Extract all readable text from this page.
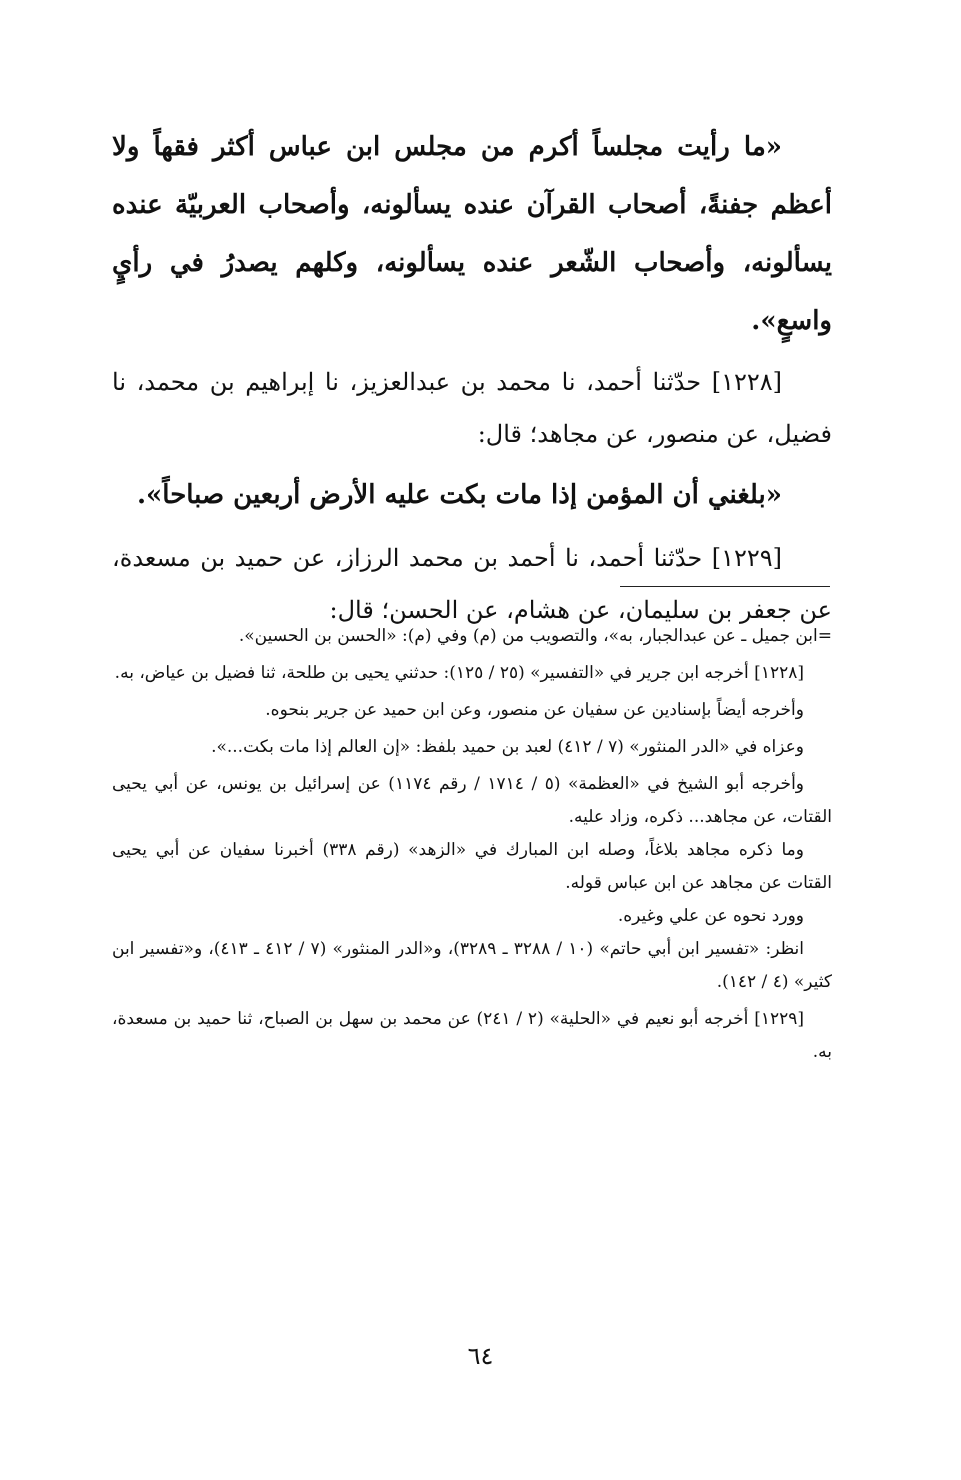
«ما رأيت مجلساً أكرم من مجلس ابن عباس أكثر فقهاً ولا أعظم جفنةً، أصحاب القرآن عنده يسألونه، وأصحاب العربيّة عنده يسألونه، وأصحاب الشّعر عنده يسألونه، وكلهم يصدرُ في رأيٍ واسعٍ».

[١٢٢٨] حدّثنا أحمد، نا محمد بن عبدالعزيز، نا إبراهيم بن محمد، نا فضيل، عن منصور، عن مجاهد؛ قال:

«بلغني أن المؤمن إذا مات بكت عليه الأرض أربعين صباحاً».

[١٢٢٩] حدّثنا أحمد، نا أحمد بن محمد الرزاز، عن حميد بن مسعدة، عن جعفر بن سليمان، عن هشام، عن الحسن؛ قال:

=ابن جميل ـ عن عبدالجبار، به»، والتصويب من (م) وفي (م): «الحسن بن الحسين».

[١٢٢٨] أخرجه ابن جرير في «التفسير» (٢٥ / ١٢٥): حدثني يحيى بن طلحة، ثنا فضيل بن عياض، به.

وأخرجه أيضاً بإسنادين عن سفيان عن منصور، وعن ابن حميد عن جرير بنحوه.

وعزاه في «الدر المنثور» (٧ / ٤١٢) لعبد بن حميد بلفظ: «إن العالم إذا مات بكت...».

وأخرجه أبو الشيخ في «العظمة» (٥ / ١٧١٤ / رقم ١١٧٤) عن إسرائيل بن يونس، عن أبي يحيى القتات، عن مجاهد... ذكره، وزاد عليه.

وما ذكره مجاهد بلاغاً، وصله ابن المبارك في «الزهد» (رقم ٣٣٨) أخبرنا سفيان عن أبي يحيى القتات عن مجاهد عن ابن عباس قوله.

وورد نحوه عن علي وغيره.

انظر: «تفسير ابن أبي حاتم» (١٠ / ٣٢٨٨ ـ ٣٢٨٩)، و«الدر المنثور» (٧ / ٤١٢ ـ ٤١٣)، و«تفسير ابن كثير» (٤ / ١٤٢).

[١٢٢٩] أخرجه أبو نعيم في «الحلية» (٢ / ٢٤١) عن محمد بن سهل بن الصباح، ثنا حميد بن مسعدة، به.

٦٤
